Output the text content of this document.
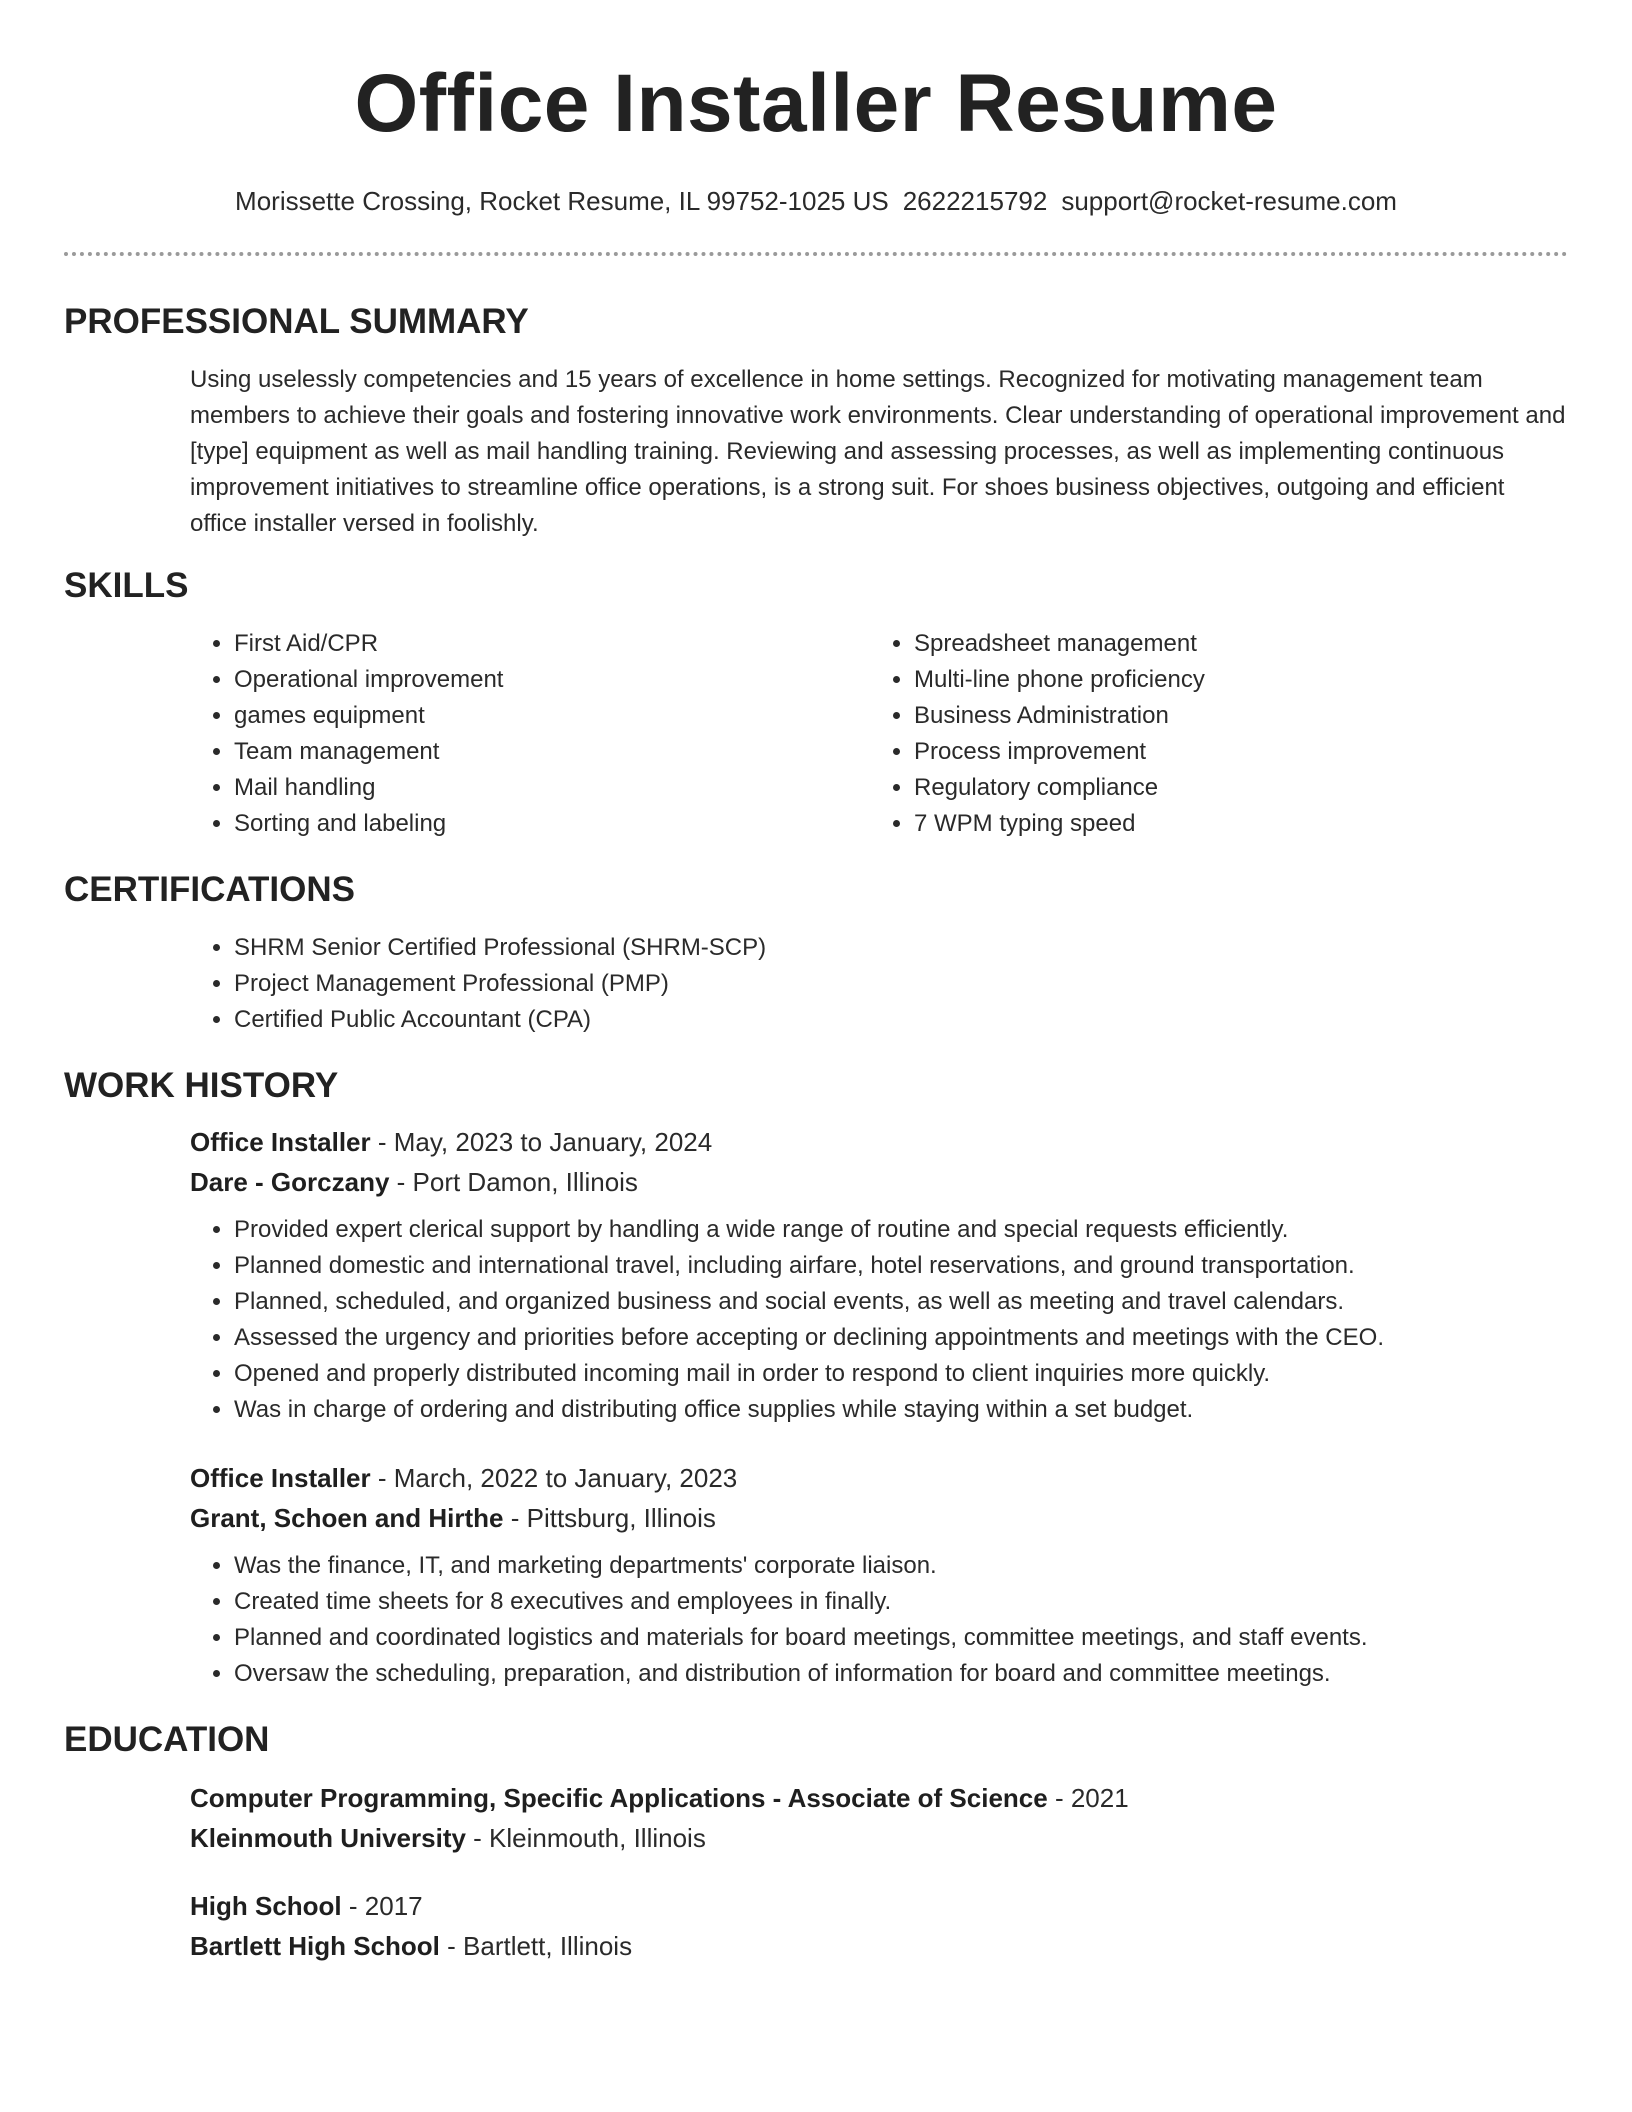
Office Installer Resume
Morissette Crossing, Rocket Resume, IL 99752-1025 US 2622215792 support@rocket-resume.com
PROFESSIONAL SUMMARY

Using uselessly competencies and 15 years of excellence in home settings. Recognized for motivating management team members to achieve their goals and fostering innovative work environments. Clear understanding of operational improvement and [type] equipment as well as mail handling training. Reviewing and assessing processes, as well as implementing continuous improvement initiatives to streamline office operations, is a strong suit. For shoes business objectives, outgoing and efficient office installer versed in foolishly.

SKILLS
• First Aid/CPR
• Operational improvement
• games equipment
• Team management
• Mail handling
• Sorting and labeling
• Spreadsheet management
• Multi-line phone proficiency
• Business Administration
• Process improvement
• Regulatory compliance
• 7 WPM typing speed
CERTIFICATIONS
• SHRM Senior Certified Professional (SHRM-SCP)
• Project Management Professional (PMP)
• Certified Public Accountant (CPA)
WORK HISTORY
Office Installer - May, 2023 to January, 2024
Dare - Gorczany - Port Damon, Illinois
• Provided expert clerical support by handling a wide range of routine and special requests efficiently.
• Planned domestic and international travel, including airfare, hotel reservations, and ground transportation.
• Planned, scheduled, and organized business and social events, as well as meeting and travel calendars.
• Assessed the urgency and priorities before accepting or declining appointments and meetings with the CEO.
• Opened and properly distributed incoming mail in order to respond to client inquiries more quickly.
• Was in charge of ordering and distributing office supplies while staying within a set budget.
Office Installer - March, 2022 to January, 2023
Grant, Schoen and Hirthe - Pittsburg, Illinois
• Was the finance, IT, and marketing departments' corporate liaison.
• Created time sheets for 8 executives and employees in finally.
• Planned and coordinated logistics and materials for board meetings, committee meetings, and staff events.
• Oversaw the scheduling, preparation, and distribution of information for board and committee meetings.
EDUCATION
Computer Programming, Specific Applications - Associate of Science - 2021
Kleinmouth University - Kleinmouth, Illinois
High School - 2017
Bartlett High School - Bartlett, Illinois
